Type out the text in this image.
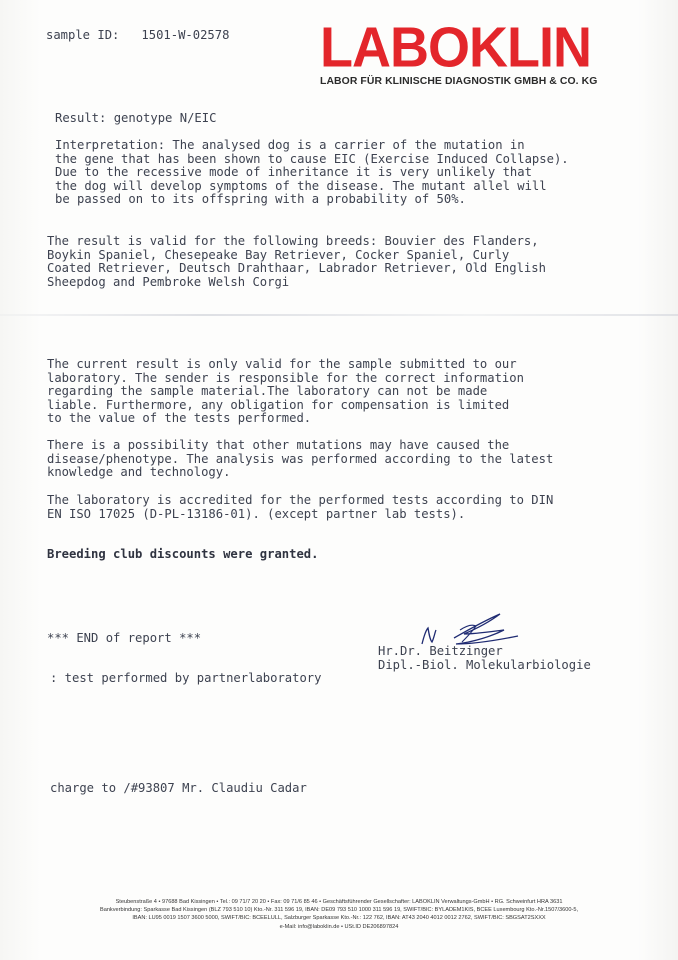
sample ID: 1501-W-02578 LABOKLIN
LABOR FÜR KLINISCHE DIAGNOSTIK GMBH & CO. KG
Result: genotype N/EIC
Interpretation: The analysed dog is a carrier of the mutation in
the gene that has been shown to cause EIC (Exercise Induced Collapse).
Due to the recessive mode of inheritance it is very unlikely that
the dog will develop symptoms of the disease. The mutant allel will
be passed on to its offspring with a probability of 50%.
The result is valid for the following breeds: Bouvier des Flanders,
Boykin Spaniel, Chesepeake Bay Retriever, Cocker Spaniel, Curly
Coated Retriever, Deutsch Drahthaar, Labrador Retriever, Old English
Sheepdog and Pembroke Welsh Corgi
The current result is only valid for the sample submitted to our
laboratory. The sender is responsible for the correct information
regarding the sample material.The laboratory can not be made
liable. Furthermore, any obligation for compensation is limited
to the value of the tests performed.
There is a possibility that other mutations may have caused the
disease/phenotype. The analysis was performed according to the latest
knowledge and technology.
The laboratory is accredited for the performed tests according to DIN
EN ISO 17025 (D-PL-13186-01). (except partner lab tests).
Breeding club discounts were granted.
*** END of report ***
Hr.Dr. Beitzinger
Dipl.-Biol. Molekularbiologie
: test performed by partnerlaboratory
charge to /#93807 Mr. Claudiu Cadar
Steubenstraße 4 • 97688 Bad Kissingen • Tel.: 09 71/7 20 20 • Fax: 09 71/6 85 46 • Geschäftsführender Gesellschafter: LABOKLIN Verwaltungs-GmbH • RG. Schweinfurt HRA 3631
Bankverbindung: Sparkasse Bad Kissingen (BLZ 793 510 10) Kto.-Nr. 311 596 19, IBAN: DE09 793 510 1000 311 596 19, SWIFT/BIC: BYLADEM1KIS, BCEE Luxembourg Kto.-Nr.1507/3600-5,
IBAN: LU95 0019 1507 3600 5000, SWIFT/BIC: BCEELULL, Salzburger Sparkasse Kto.-Nr.: 122 762, IBAN: AT43 2040 4012 0012 2762, SWIFT/BIC: SBGSAT2SXXX
e-Mail: info@laboklin.de • USt.ID DE206897824
